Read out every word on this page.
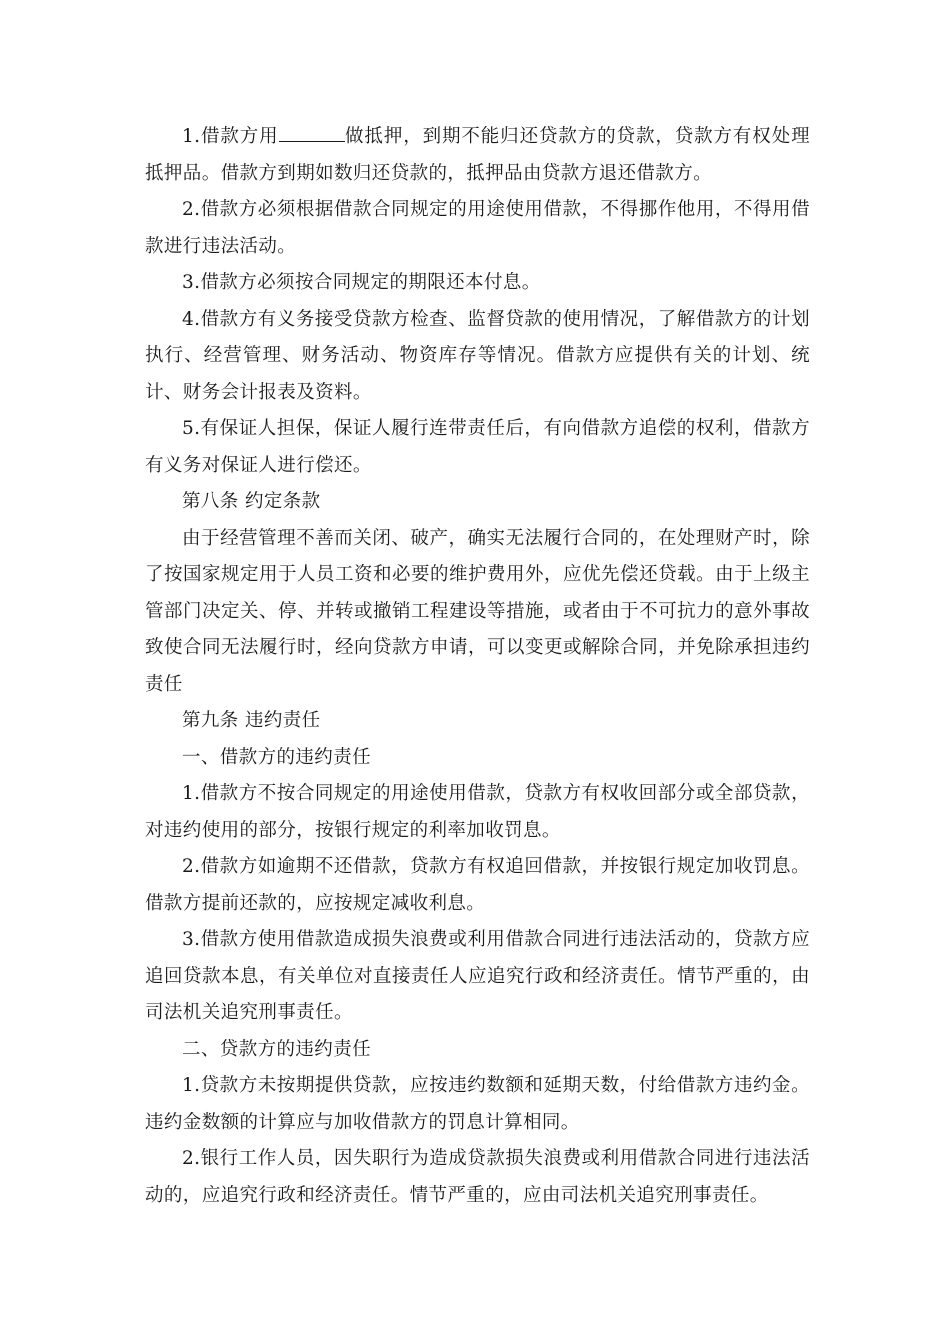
1.借款方用	做抵押，到期不能归还贷款方的贷款，贷款方有权处理抵押品。借款方到期如数归还贷款的，抵押品由贷款方退还借款方。

2.借款方必须根据借款合同规定的用途使用借款，不得挪作他用，不得用借款进行违法活动。

3.借款方必须按合同规定的期限还本付息。

4.借款方有义务接受贷款方检查、监督贷款的使用情况，了解借款方的计划执行、经营管理、财务活动、物资库存等情况。借款方应提供有关的计划、统计、财务会计报表及资料。

5.有保证人担保，保证人履行连带责任后，有向借款方追偿的权利，借款方有义务对保证人进行偿还。

第八条 约定条款

由于经营管理不善而关闭、破产，确实无法履行合同的，在处理财产时，除了按国家规定用于人员工资和必要的维护费用外，应优先偿还贷载。由于上级主管部门决定关、停、并转或撤销工程建设等措施，或者由于不可抗力的意外事故致使合同无法履行时，经向贷款方申请，可以变更或解除合同，并免除承担违约责任

第九条 违约责任

一、借款方的违约责任

1.借款方不按合同规定的用途使用借款，贷款方有权收回部分或全部贷款，对违约使用的部分，按银行规定的利率加收罚息。

2.借款方如逾期不还借款，贷款方有权追回借款，并按银行规定加收罚息。借款方提前还款的，应按规定减收利息。

3.借款方使用借款造成损失浪费或利用借款合同进行违法活动的，贷款方应追回贷款本息，有关单位对直接责任人应追究行政和经济责任。情节严重的，由司法机关追究刑事责任。

二、贷款方的违约责任

1.贷款方未按期提供贷款，应按违约数额和延期天数，付给借款方违约金。违约金数额的计算应与加收借款方的罚息计算相同。

2.银行工作人员，因失职行为造成贷款损失浪费或利用借款合同进行违法活动的，应追究行政和经济责任。情节严重的，应由司法机关追究刑事责任。
